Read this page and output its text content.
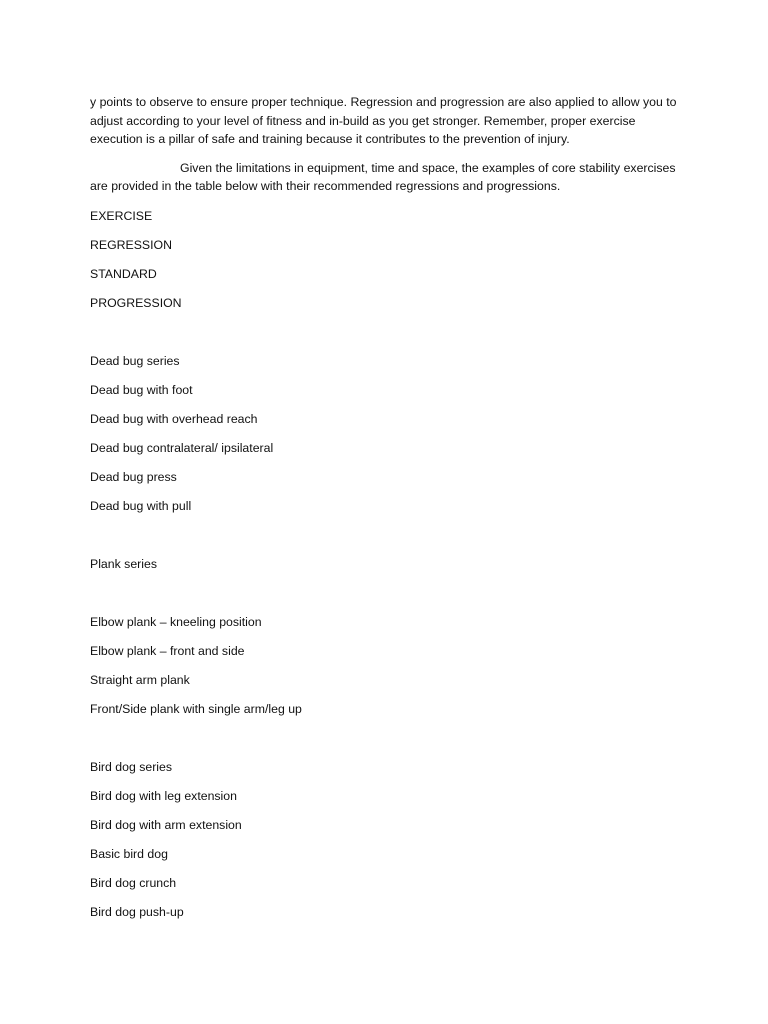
y points to observe to ensure proper technique. Regression and progression are also applied to allow you to adjust according to your level of fitness and in-build as you get stronger. Remember, proper exercise execution is a pillar of safe and training because it contributes to the prevention of injury.

Given the limitations in equipment, time and space, the examples of core stability exercises are provided in the table below with their recommended regressions and progressions.

EXERCISE
REGRESSION
STANDARD
PROGRESSION
Dead bug series
Dead bug with foot
Dead bug with overhead reach
Dead bug contralateral/ ipsilateral
Dead bug press
Dead bug with pull
Plank series
Elbow plank – kneeling position
Elbow plank – front and side
Straight arm plank
Front/Side plank with single arm/leg up
Bird dog series
Bird dog with leg extension
Bird dog with arm extension
Basic bird dog
Bird dog crunch
Bird dog push-up
